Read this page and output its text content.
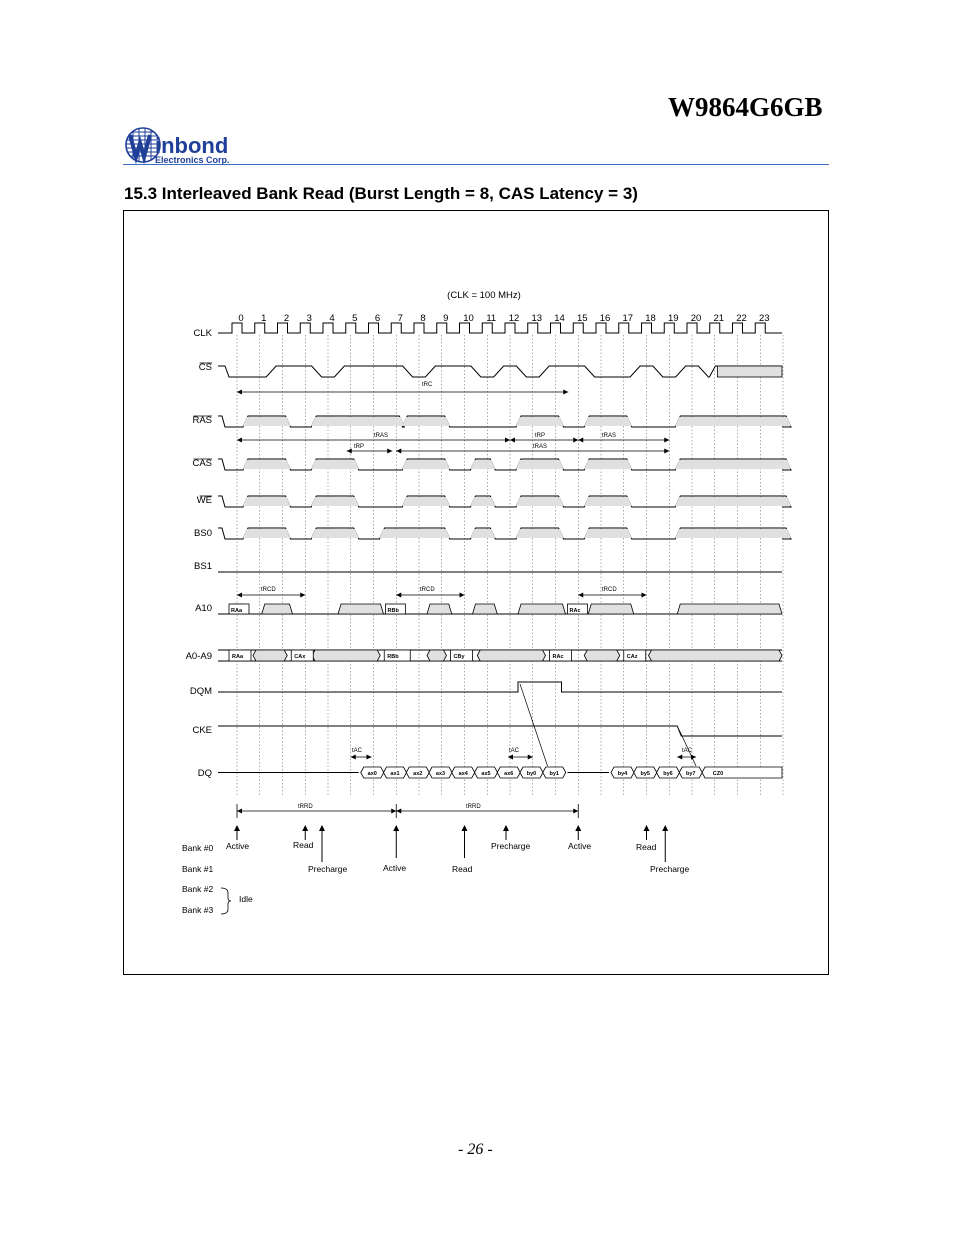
W9864G6GB
inbond
Electronics Corp.
15.3 Interleaved Bank Read (Burst Length = 8, CAS Latency = 3)
0 1 2 3 4 5 6 7 8 9 10 11 12 13 14 15 16 17 18 19 20 21 22 23
(CLK = 100 MHz)
CLK
CS
RAS
CAS
WE
BS0
BS1
A10
A0-A9
DQM
CKE
DQ
RAa	RBb	RAc
RAa	CAx	RBb	CBy	RAc	CAz
ax0 ax1 ax2 ax3 ax4 ax5 ax6 by0 by1	by4 by5 by6 by7	CZ0
tRC
tRAS
tRP
tRP
tRAS
tRAS
tRCD	tRCD	tRCD
tAC	tAC	tAC
tRRD	tRRD
Active	Read
Precharge	Active	Read
Precharge	Active	Read
Precharge
Bank #0
Bank #1
Bank #2
Bank #3
Idle
- 26 -
